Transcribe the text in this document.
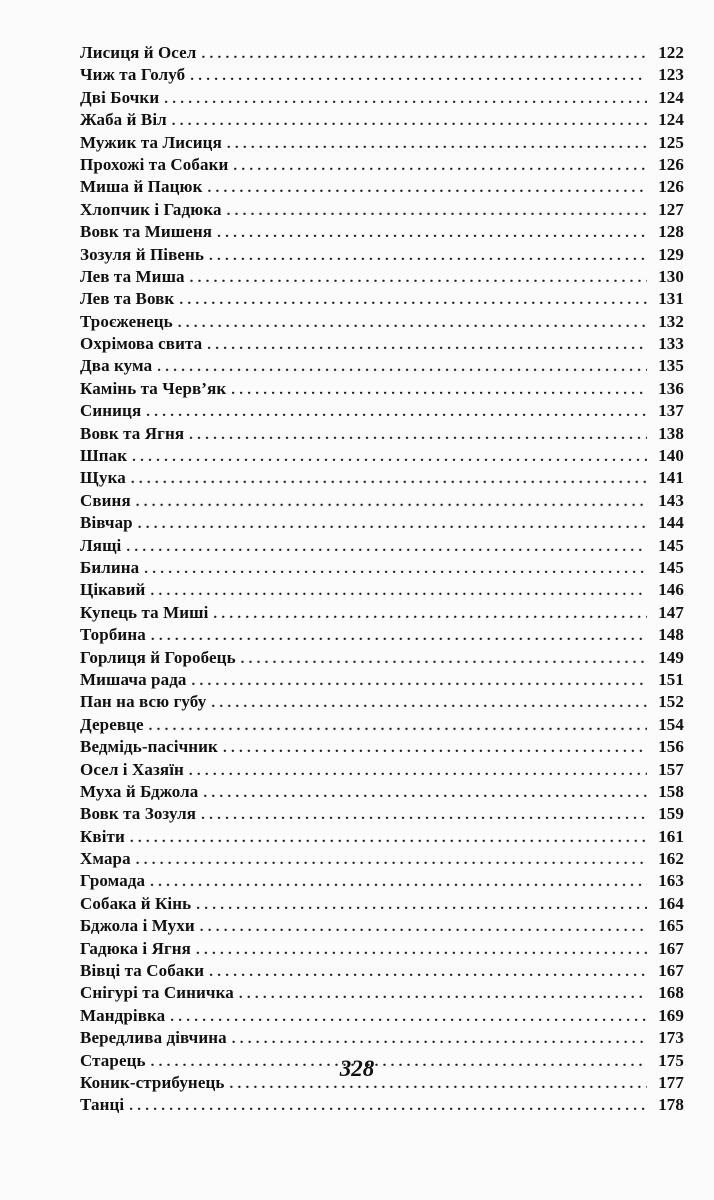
Лисиця й Осел . . .	122
Чиж та Голуб . . .	123
Дві Бочки . . .	124
Жаба й Віл . . .	124
Мужик та Лисиця . . .	125
Прохожі та Собаки . . .	126
Миша й Пацюк . . .	126
Хлопчик і Гадюка . . .	127
Вовк та Мишеня . . .	128
Зозуля й Півень . . .	129
Лев та Миша . . .	130
Лев та Вовк . . .	131
Троєженець . . .	132
Охрімова свита . . .	133
Два кума . . .	135
Камінь та Черв’як . . .	136
Синиця . . .	137
Вовк та Ягня . . .	138
Шпак . . .	140
Щука . . .	141
Свиня . . .	143
Вівчар . . .	144
Лящі . . .	145
Билина . . .	145
Цікавий . . .	146
Купець та Миші . . .	147
Торбина . . .	148
Горлиця й Горобець . . .	149
Мишача рада . . .	151
Пан на всю губу . . .	152
Деревце . . .	154
Ведмідь-пасічник . . .	156
Осел і Хазяїн . . .	157
Муха й Бджола . . .	158
Вовк та Зозуля . . .	159
Квіти . . .	161
Хмара . . .	162
Громада . . .	163
Собака й Кінь . . .	164
Бджола і Мухи . . .	165
Гадюка і Ягня . . .	167
Вівці та Собаки . . .	167
Снігурі та Синичка . . .	168
Мандрівка . . .	169
Вередлива дівчина . . .	173
Старець . . .	175
Коник-стрибунець . . .	177
Танці . . .	178
328
